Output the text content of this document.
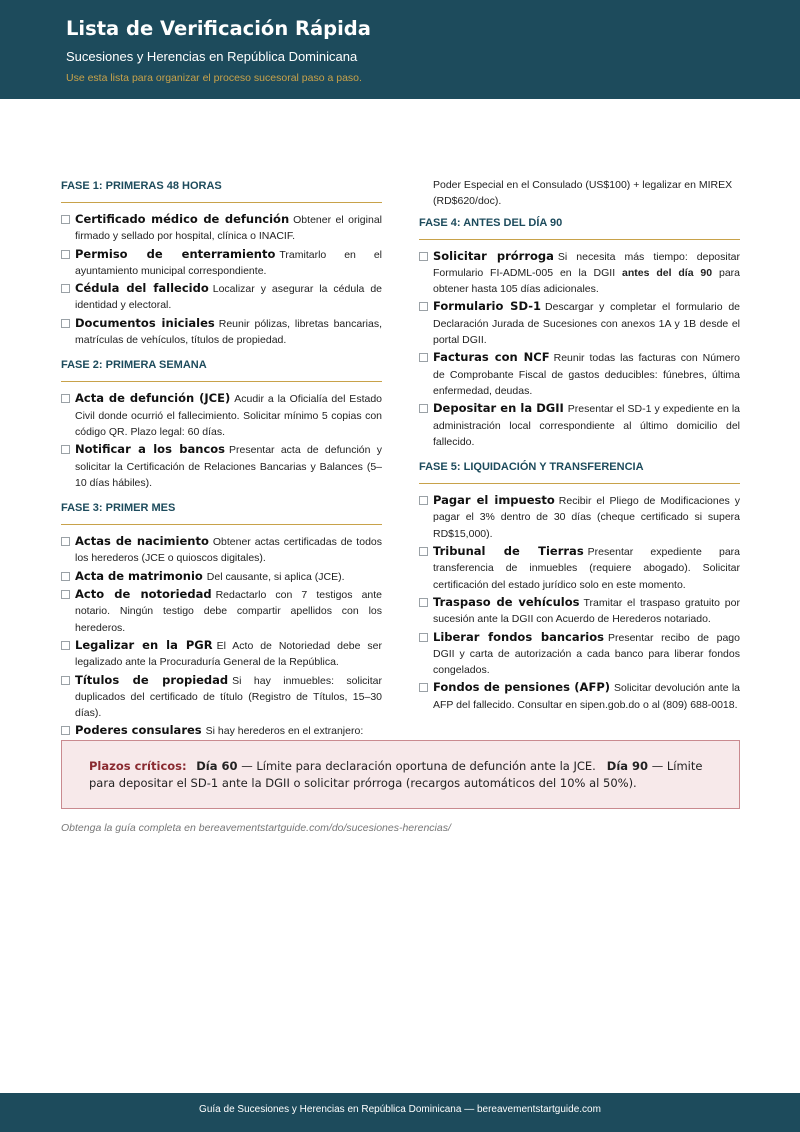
Lista de Verificación Rápida
Sucesiones y Herencias en República Dominicana
Use esta lista para organizar el proceso sucesoral paso a paso.
FASE 1: PRIMERAS 48 HORAS
Certificado médico de defunción Obtener el original firmado y sellado por hospital, clínica o INACIF.
Permiso de enterramiento Tramitarlo en el ayuntamiento municipal correspondiente.
Cédula del fallecido Localizar y asegurar la cédula de identidad y electoral.
Documentos iniciales Reunir pólizas, libretas bancarias, matrículas de vehículos, títulos de propiedad.
FASE 2: PRIMERA SEMANA
Acta de defunción (JCE) Acudir a la Oficialía del Estado Civil donde ocurrió el fallecimiento. Solicitar mínimo 5 copias con código QR. Plazo legal: 60 días.
Notificar a los bancos Presentar acta de defunción y solicitar la Certificación de Relaciones Bancarias y Balances (5–10 días hábiles).
FASE 3: PRIMER MES
Actas de nacimiento Obtener actas certificadas de todos los herederos (JCE o quioscos digitales).
Acta de matrimonio Del causante, si aplica (JCE).
Acto de notoriedad Redactarlo con 7 testigos ante notario. Ningún testigo debe compartir apellidos con los herederos.
Legalizar en la PGR El Acto de Notoriedad debe ser legalizado ante la Procuraduría General de la República.
Títulos de propiedad Si hay inmuebles: solicitar duplicados del certificado de título (Registro de Títulos, 15–30 días).
Poderes consulares Si hay herederos en el extranjero:
Poder Especial en el Consulado (US$100) + legalizar en MIREX (RD$620/doc).
FASE 4: ANTES DEL DÍA 90
Solicitar prórroga Si necesita más tiempo: depositar Formulario FI-ADML-005 en la DGII antes del día 90 para obtener hasta 105 días adicionales.
Formulario SD-1 Descargar y completar el formulario de Declaración Jurada de Sucesiones con anexos 1A y 1B desde el portal DGII.
Facturas con NCF Reunir todas las facturas con Número de Comprobante Fiscal de gastos deducibles: fúnebres, última enfermedad, deudas.
Depositar en la DGII Presentar el SD-1 y expediente en la administración local correspondiente al último domicilio del fallecido.
FASE 5: LIQUIDACIÓN Y TRANSFERENCIA
Pagar el impuesto Recibir el Pliego de Modificaciones y pagar el 3% dentro de 30 días (cheque certificado si supera RD$15,000).
Tribunal de Tierras Presentar expediente para transferencia de inmuebles (requiere abogado). Solicitar certificación del estado jurídico solo en este momento.
Traspaso de vehículos Tramitar el traspaso gratuito por sucesión ante la DGII con Acuerdo de Herederos notariado.
Liberar fondos bancarios Presentar recibo de pago DGII y carta de autorización a cada banco para liberar fondos congelados.
Fondos de pensiones (AFP) Solicitar devolución ante la AFP del fallecido. Consultar en sipen.gob.do o al (809) 688-0018.
Plazos críticos: Día 60 — Límite para declaración oportuna de defunción ante la JCE. Día 90 — Límite para depositar el SD-1 ante la DGII o solicitar prórroga (recargos automáticos del 10% al 50%).
Obtenga la guía completa en bereavementstartguide.com/do/sucesiones-herencias/
Guía de Sucesiones y Herencias en República Dominicana — bereavementstartguide.com
